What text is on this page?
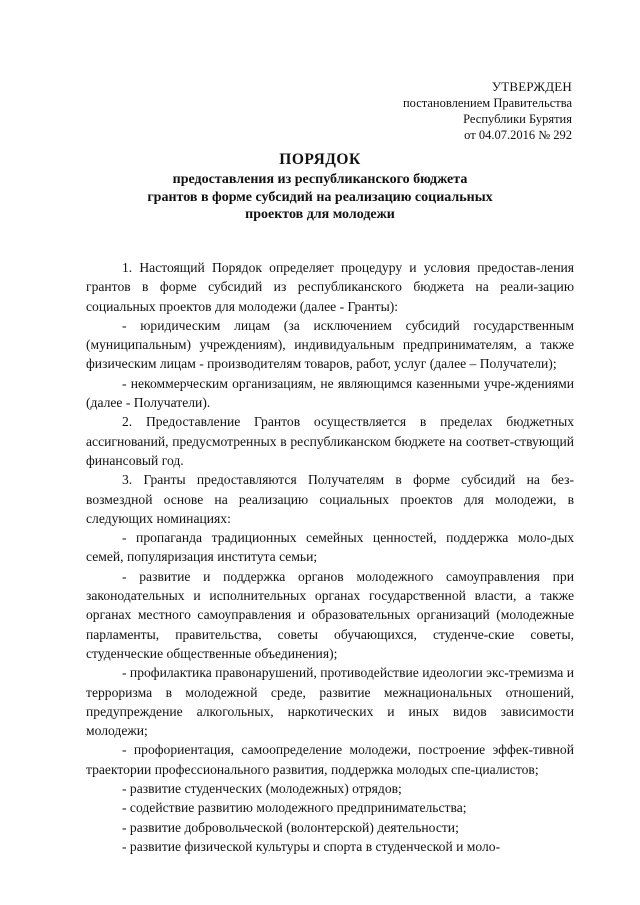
УТВЕРЖДЕН
постановлением Правительства
Республики Бурятия
от 04.07.2016 № 292
ПОРЯДОК
предоставления из республиканского бюджета
грантов в форме субсидий на реализацию социальных
проектов для молодежи

1. Настоящий Порядок определяет процедуру и условия предостав-ления грантов в форме субсидий из республиканского бюджета на реали-зацию социальных проектов для молодежи (далее - Гранты):

- юридическим лицам (за исключением субсидий государственным (муниципальным) учреждениям), индивидуальным предпринимателям, а также физическим лицам - производителям товаров, работ, услуг (далее – Получатели);

- некоммерческим организациям, не являющимся казенными учре-ждениями (далее - Получатели).

2. Предоставление Грантов осуществляется в пределах бюджетных ассигнований, предусмотренных в республиканском бюджете на соответ-ствующий финансовый год.

3. Гранты предоставляются Получателям в форме субсидий на без-возмездной основе на реализацию социальных проектов для молодежи, в следующих номинациях:

- пропаганда традиционных семейных ценностей, поддержка моло-дых семей, популяризация института семьи;

- развитие и поддержка органов молодежного самоуправления при законодательных и исполнительных органах государственной власти, а также органах местного самоуправления и образовательных организаций (молодежные парламенты, правительства, советы обучающихся, студенче-ские советы, студенческие общественные объединения);

- профилактика правонарушений, противодействие идеологии экс-тремизма и терроризма в молодежной среде, развитие межнациональных отношений, предупреждение алкогольных, наркотических и иных видов зависимости молодежи;

- профориентация, самоопределение молодежи, построение эффек-тивной траектории профессионального развития, поддержка молодых спе-циалистов;

- развитие студенческих (молодежных) отрядов;

- содействие развитию молодежного предпринимательства;

- развитие добровольческой (волонтерской) деятельности;

- развитие физической культуры и спорта в студенческой и моло-
